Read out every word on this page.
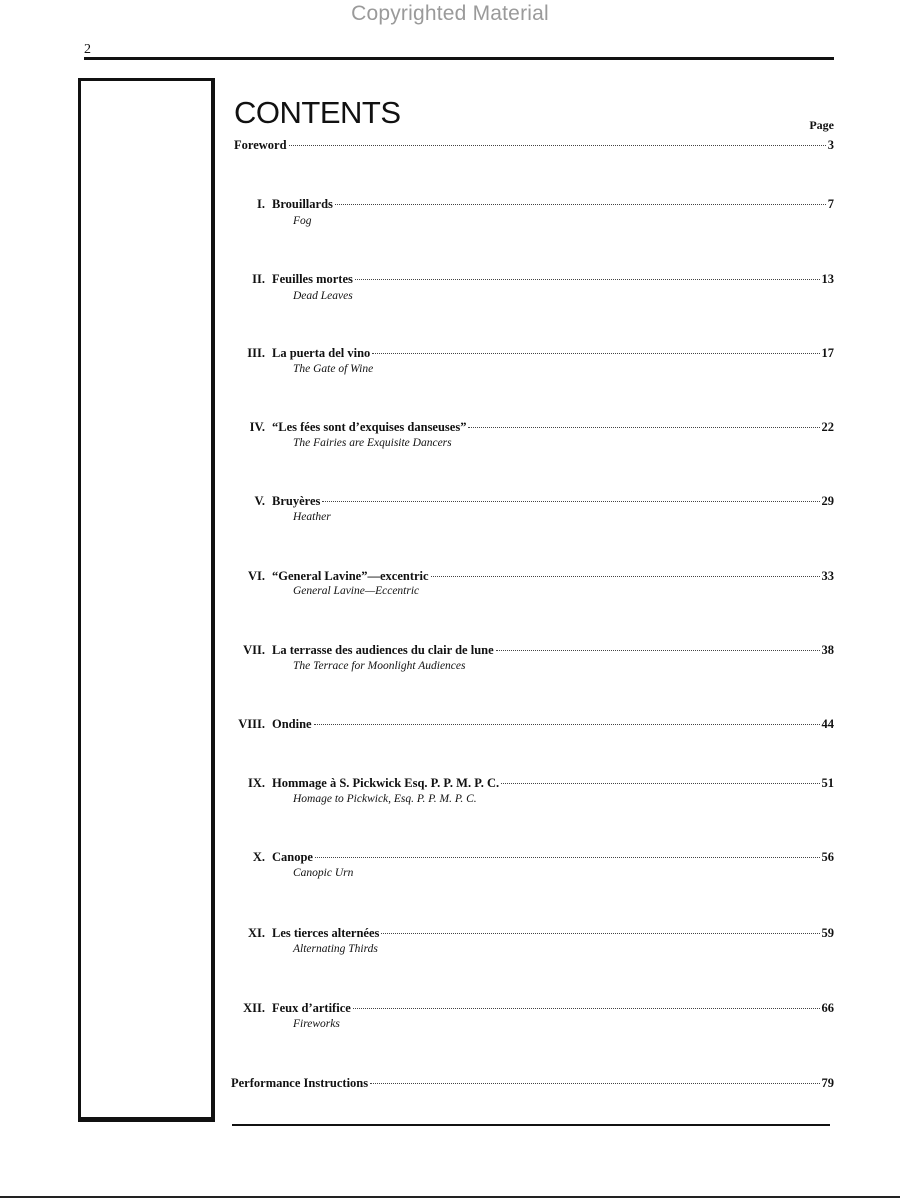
Copyrighted Material
2
CONTENTS	Page
Foreword	3
I. Brouillards	7
Fog
II. Feuilles mortes	13
Dead Leaves
III. La puerta del vino	17
The Gate of Wine
IV. “Les fées sont d’exquises danseuses”	22
The Fairies are Exquisite Dancers
V. Bruyères	29
Heather
VI. “General Lavine”—excentric	33
General Lavine—Eccentric
VII. La terrasse des audiences du clair de lune	38
The Terrace for Moonlight Audiences
VIII. Ondine	44
IX. Hommage à S. Pickwick Esq. P. P. M. P. C.	51
Homage to Pickwick, Esq. P. P. M. P. C.
X. Canope	56
Canopic Urn
XI. Les tierces alternées	59
Alternating Thirds
XII. Feux d’artifice	66
Fireworks
Performance Instructions	79
